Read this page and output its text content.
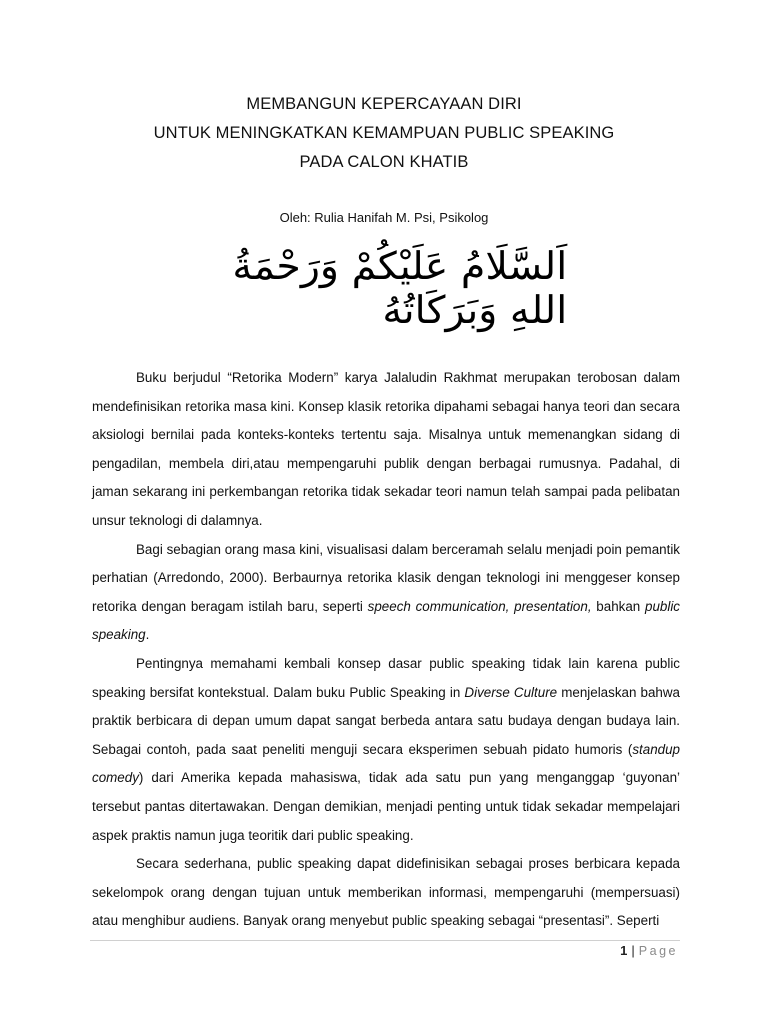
MEMBANGUN KEPERCAYAAN DIRI
UNTUK MENINGKATKAN KEMAMPUAN PUBLIC SPEAKING
PADA CALON KHATIB
Oleh: Rulia Hanifah M. Psi, Psikolog
اَلسَّلَامُ عَلَيْكُمْ وَرَحْمَةُ اللهِ وَبَرَكَاتُهُ

Buku berjudul “Retorika Modern” karya Jalaludin Rakhmat merupakan terobosan dalam mendefinisikan retorika masa kini. Konsep klasik retorika dipahami sebagai hanya teori dan secara aksiologi bernilai pada konteks-konteks tertentu saja. Misalnya untuk memenangkan sidang di pengadilan, membela diri,atau mempengaruhi publik dengan berbagai rumusnya. Padahal, di jaman sekarang ini perkembangan retorika tidak sekadar teori namun telah sampai pada pelibatan unsur teknologi di dalamnya.

Bagi sebagian orang masa kini, visualisasi dalam berceramah selalu menjadi poin pemantik perhatian (Arredondo, 2000). Berbaurnya retorika klasik dengan teknologi ini menggeser konsep retorika dengan beragam istilah baru, seperti speech communication, presentation, bahkan public speaking.

Pentingnya memahami kembali konsep dasar public speaking tidak lain karena public speaking bersifat kontekstual. Dalam buku Public Speaking in Diverse Culture menjelaskan bahwa praktik berbicara di depan umum dapat sangat berbeda antara satu budaya dengan budaya lain. Sebagai contoh, pada saat peneliti menguji secara eksperimen sebuah pidato humoris (standup comedy) dari Amerika kepada mahasiswa, tidak ada satu pun yang menganggap ‘guyonan’ tersebut pantas ditertawakan. Dengan demikian, menjadi penting untuk tidak sekadar mempelajari aspek praktis namun juga teoritik dari public speaking.

Secara sederhana, public speaking dapat didefinisikan sebagai proses berbicara kepada sekelompok orang dengan tujuan untuk memberikan informasi, mempengaruhi (mempersuasi) atau menghibur audiens. Banyak orang menyebut public speaking sebagai “presentasi”. Seperti

1 | Page
